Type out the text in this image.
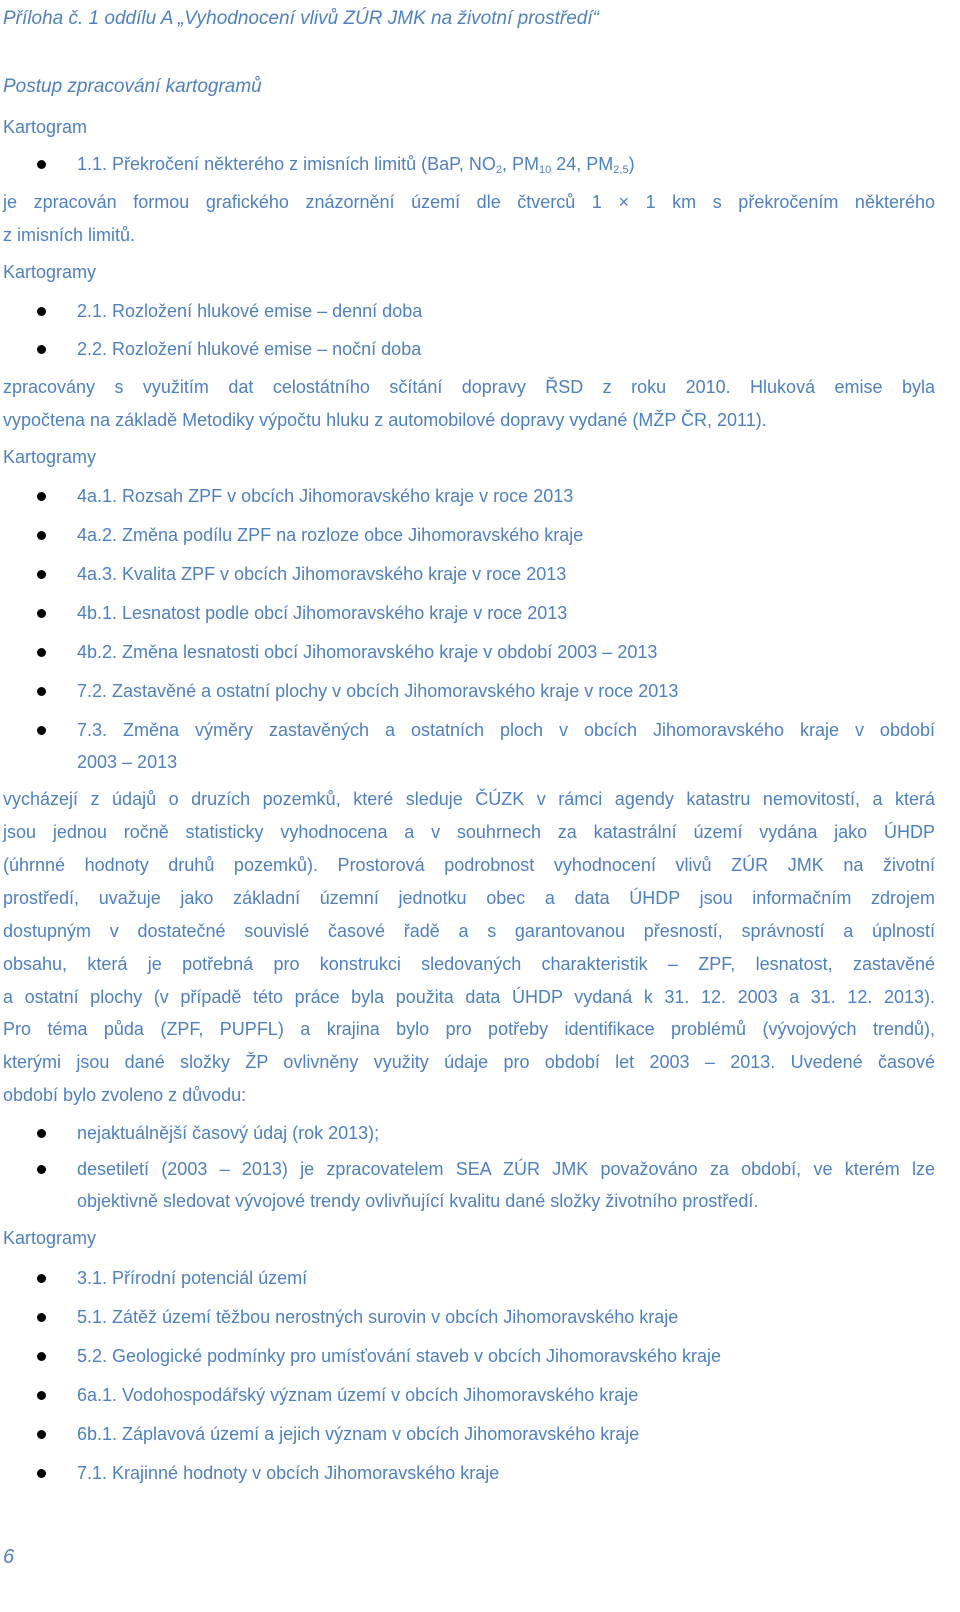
Příloha č. 1 oddílu A „Vyhodnocení vlivů ZÚR JMK na životní prostředí“
Postup zpracování kartogramů
Kartogram
1.1. Překročení některého z imisních limitů (BaP, $NO_2$, $PM_{10}$ 24, $PM_{2,5}$)
je zpracován formou grafického znázornění území dle čtverců 1 × 1 km s překročením některého
z imisních limitů.
Kartogramy
2.1. Rozložení hlukové emise – denní doba
2.2. Rozložení hlukové emise – noční doba
zpracovány s využitím dat celostátního sčítání dopravy ŘSD z roku 2010. Hluková emise byla
vypočtena na základě Metodiky výpočtu hluku z automobilové dopravy vydané (MŽP ČR, 2011).
Kartogramy
4a.1. Rozsah ZPF v obcích Jihomoravského kraje v roce 2013
4a.2. Změna podílu ZPF na rozloze obce Jihomoravského kraje
4a.3. Kvalita ZPF v obcích Jihomoravského kraje v roce 2013
4b.1. Lesnatost podle obcí Jihomoravského kraje v roce 2013
4b.2. Změna lesnatosti obcí Jihomoravského kraje v období 2003 – 2013
7.2. Zastavěné a ostatní plochy v obcích Jihomoravského kraje v roce 2013
7.3. Změna výměry zastavěných a ostatních ploch v obcích Jihomoravského kraje v období
2003 – 2013
vycházejí z údajů o druzích pozemků, které sleduje ČÚZK v rámci agendy katastru nemovitostí, a která
jsou jednou ročně statisticky vyhodnocena a v souhrnech za katastrální území vydána jako ÚHDP
(úhrnné hodnoty druhů pozemků). Prostorová podrobnost vyhodnocení vlivů ZÚR JMK na životní
prostředí, uvažuje jako základní územní jednotku obec a data ÚHDP jsou informačním zdrojem
dostupným v dostatečné souvislé časové řadě a s garantovanou přesností, správností a úplností
obsahu, která je potřebná pro konstrukci sledovaných charakteristik – ZPF, lesnatost, zastavěné
a ostatní plochy (v případě této práce byla použita data ÚHDP vydaná k 31. 12. 2003 a 31. 12. 2013).
Pro téma půda (ZPF, PUPFL) a krajina bylo pro potřeby identifikace problémů (vývojových trendů),
kterými jsou dané složky ŽP ovlivněny využity údaje pro období let 2003 – 2013. Uvedené časové
období bylo zvoleno z důvodu:
nejaktuálnější časový údaj (rok 2013);
desetiletí (2003 – 2013) je zpracovatelem SEA ZÚR JMK považováno za období, ve kterém lze
objektivně sledovat vývojové trendy ovlivňující kvalitu dané složky životního prostředí.
Kartogramy
3.1. Přírodní potenciál území
5.1. Zátěž území těžbou nerostných surovin v obcích Jihomoravského kraje
5.2. Geologické podmínky pro umísťování staveb v obcích Jihomoravského kraje
6a.1. Vodohospodářský význam území v obcích Jihomoravského kraje
6b.1. Záplavová území a jejich význam v obcích Jihomoravského kraje
7.1. Krajinné hodnoty v obcích Jihomoravského kraje
6
